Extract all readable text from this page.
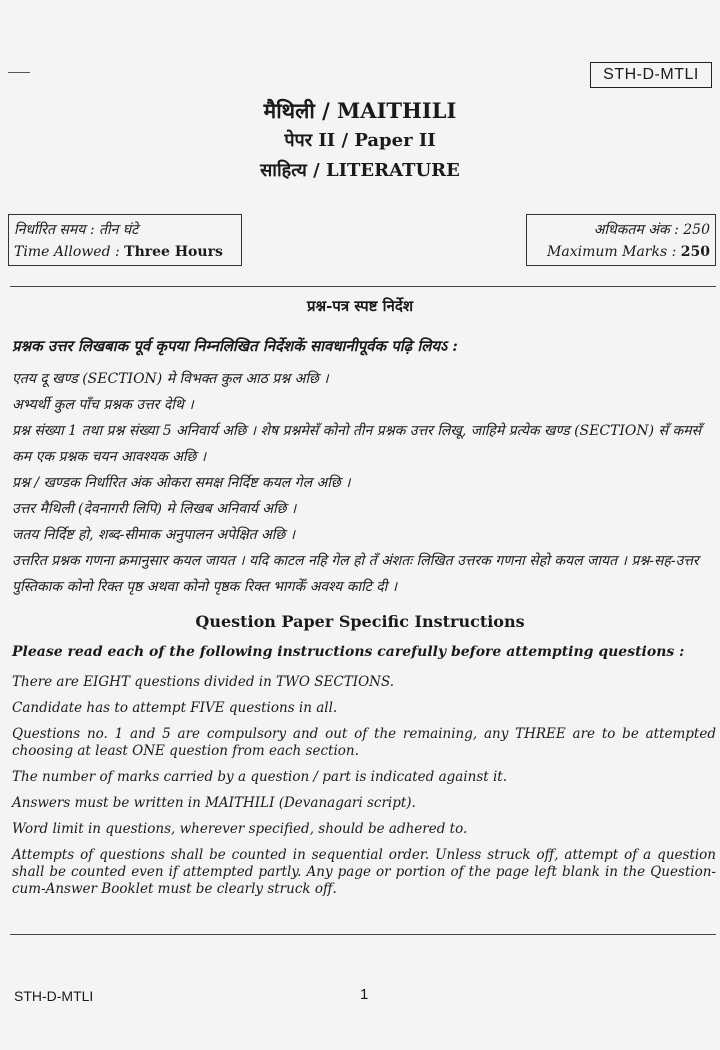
STH-D-MTLI
मैथिली / MAITHILI
पेपर II / Paper II
साहित्य / LITERATURE
निर्धारित समय : तीन घंटे
Time Allowed : Three Hours
अधिकतम अंक : 250
Maximum Marks : 250
प्रश्न-पत्र स्पष्ट निर्देश
प्रश्नक उत्तर लिखबाक पूर्व कृपया निम्नलिखित निर्देशकें सावधानीपूर्वक पढ़ि लियऽ :

एतय दू खण्ड (SECTION) मे विभक्त कुल आठ प्रश्न अछि ।

अभ्यर्थी कुल पाँच प्रश्नक उत्तर देथि ।

प्रश्न संख्या 1 तथा प्रश्न संख्या 5 अनिवार्य अछि । शेष प्रश्नमेसँ कोनो तीन प्रश्नक उत्तर लिखू, जाहिमे प्रत्येक खण्ड (SECTION) सँ कमसँ कम एक प्रश्नक चयन आवश्यक अछि ।

प्रश्न / खण्डक निर्धारित अंक ओकरा समक्ष निर्दिष्ट कयल गेल अछि ।

उत्तर मैथिली (देवनागरी लिपि) मे लिखब अनिवार्य अछि ।

जतय निर्दिष्ट हो, शब्द-सीमाक अनुपालन अपेक्षित अछि ।

उत्तरित प्रश्नक गणना क्रमानुसार कयल जायत । यदि काटल नहि गेल हो तँ अंशतः लिखित उत्तरक गणना सेहो कयल जायत । प्रश्न-सह-उत्तर पुस्तिकाक कोनो रिक्त पृष्ठ अथवा कोनो पृष्ठक रिक्त भागकेँ अवश्य काटि दी ।

Question Paper Specific Instructions
Please read each of the following instructions carefully before attempting questions :

There are EIGHT questions divided in TWO SECTIONS.

Candidate has to attempt FIVE questions in all.

Questions no. 1 and 5 are compulsory and out of the remaining, any THREE are to be attempted choosing at least ONE question from each section.

The number of marks carried by a question / part is indicated against it.

Answers must be written in MAITHILI (Devanagari script).

Word limit in questions, wherever specified, should be adhered to.

Attempts of questions shall be counted in sequential order. Unless struck off, attempt of a question shall be counted even if attempted partly. Any page or portion of the page left blank in the Question-cum-Answer Booklet must be clearly struck off.

STH-D-MTLI	1
